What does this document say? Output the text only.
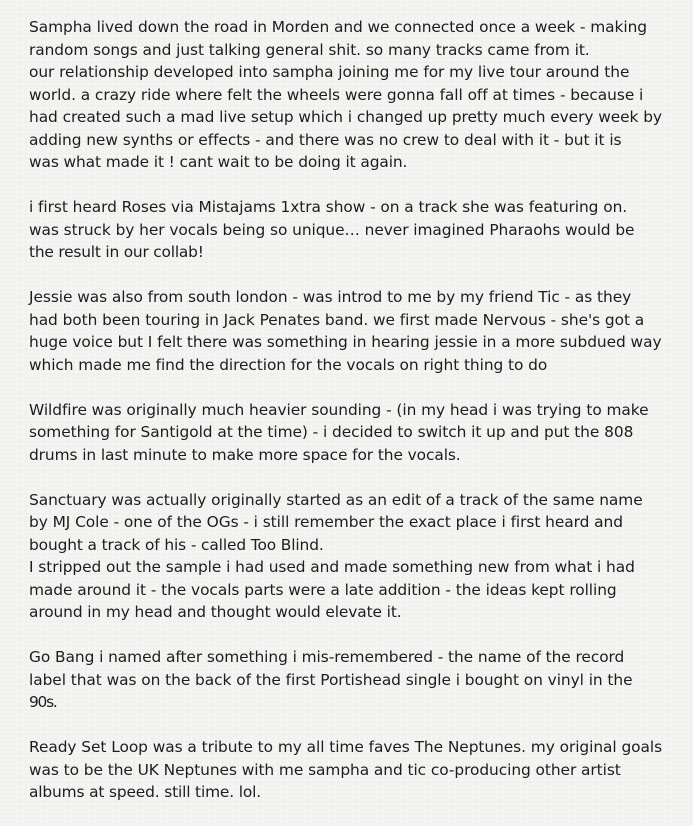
Sampha lived down the road in Morden and we connected once a week - making
random songs and just talking general shit. so many tracks came from it.
our relationship developed into sampha joining me for my live tour around the
world. a crazy ride where felt the wheels were gonna fall off at times - because i
had created such a mad live setup which i changed up pretty much every week by
adding new synths or effects - and there was no crew to deal with it - but it is
was what made it ! cant wait to be doing it again.
i first heard Roses via Mistajams 1xtra show - on a track she was featuring on.
was struck by her vocals being so unique… never imagined Pharaohs would be
the result in our collab!
Jessie was also from south london - was introd to me by my friend Tic - as they
had both been touring in Jack Penates band. we first made Nervous - she's got a
huge voice but I felt there was something in hearing jessie in a more subdued way
which made me find the direction for the vocals on right thing to do
Wildfire was originally much heavier sounding - (in my head i was trying to make
something for Santigold at the time) - i decided to switch it up and put the 808
drums in last minute to make more space for the vocals.
Sanctuary was actually originally started as an edit of a track of the same name
by MJ Cole - one of the OGs - i still remember the exact place i first heard and
bought a track of his - called Too Blind.
I stripped out the sample i had used and made something new from what i had
made around it - the vocals parts were a late addition - the ideas kept rolling
around in my head and thought would elevate it.
Go Bang i named after something i mis-remembered - the name of the record
label that was on the back of the first Portishead single i bought on vinyl in the
90s.
Ready Set Loop was a tribute to my all time faves The Neptunes. my original goals
was to be the UK Neptunes with me sampha and tic co-producing other artist
albums at speed. still time. lol.
